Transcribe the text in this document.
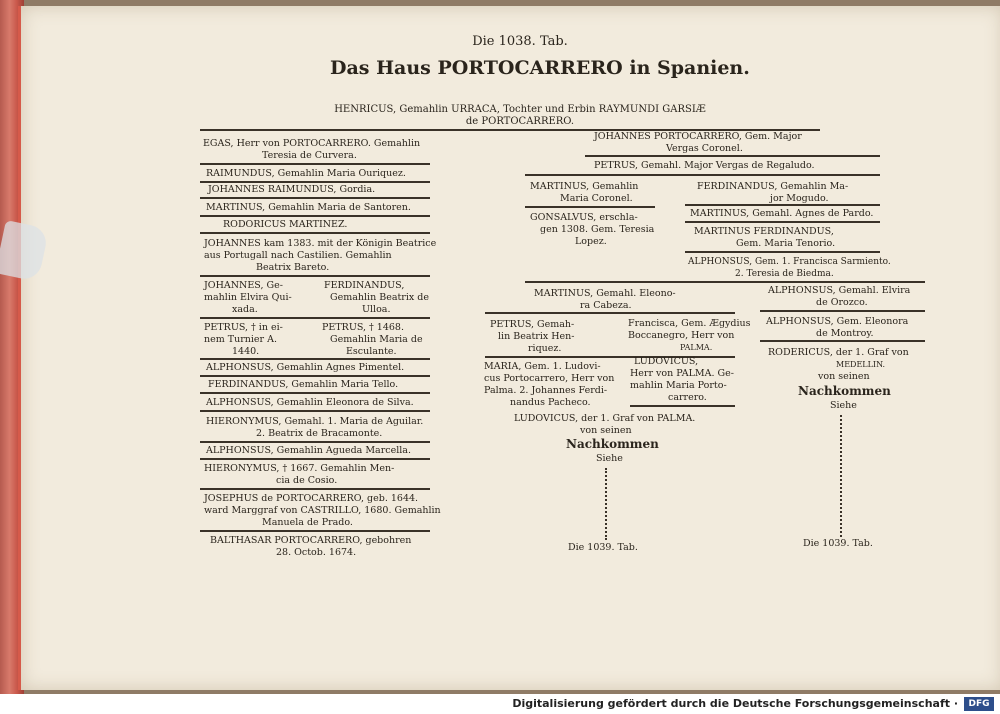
Die 1038. Tab.
Das Haus PORTOCARRERO in Spanien.
HENRICUS, Gemahlin URRACA, Tochter und Erbin RAYMUNDI GARSIÆ
de PORTOCARRERO.
EGAS, Herr von PORTOCARRERO. Gemahlin
Teresia de Curvera.
RAIMUNDUS, Gemahlin Maria Ouriquez.
JOHANNES RAIMUNDUS, Gordia.
MARTINUS, Gemahlin Maria de Santoren.
RODORICUS MARTINEZ.
JOHANNES kam 1383. mit der Königin Beatrice
aus Portugall nach Castilien. Gemahlin
Beatrix Bareto.
JOHANNES, Ge-
mahlin Elvira Qui-
xada.
FERDINANDUS,
Gemahlin Beatrix de
Ulloa.
PETRUS, † in ei-
nem Turnier A.
1440.
PETRUS, † 1468.
Gemahlin Maria de
Esculante.
ALPHONSUS, Gemahlin Agnes Pimentel.
FERDINANDUS, Gemahlin Maria Tello.
ALPHONSUS, Gemahlin Eleonora de Silva.
HIERONYMUS, Gemahl. 1. Maria de Aguilar.
2. Beatrix de Bracamonte.
ALPHONSUS, Gemahlin Agueda Marcella.
HIERONYMUS, † 1667. Gemahlin Men-
cia de Cosio.
JOSEPHUS de PORTOCARRERO, geb. 1644.
ward Marggraf von CASTRILLO, 1680. Gemahlin
Manuela de Prado.
BALTHASAR PORTOCARRERO, gebohren
28. Octob. 1674.
JOHANNES PORTOCARRERO, Gem. Major
Vergas Coronel.
PETRUS, Gemahl. Major Vergas de Regaludo.
MARTINUS, Gemahlin
Maria Coronel.
FERDINANDUS, Gemahlin Ma-
jor Mogudo.
GONSALVUS, erschla-
gen 1308. Gem. Teresia
Lopez.
MARTINUS, Gemahl. Agnes de Pardo.
MARTINUS FERDINANDUS,
Gem. Maria Tenorio.
ALPHONSUS, Gem. 1. Francisca Sarmiento.
2. Teresia de Biedma.
MARTINUS, Gemahl. Eleono-
ra Cabeza.
ALPHONSUS, Gemahl. Elvira
de Orozco.
PETRUS, Gemah-
lin Beatrix Hen-
riquez.
Francisca, Gem. Ægydius
Boccanegro, Herr von
PALMA.
ALPHONSUS, Gem. Eleonora
de Montroy.
MARIA, Gem. 1. Ludovi-
cus Portocarrero, Herr von
Palma. 2. Johannes Ferdi-
nandus Pacheco.
LUDOVICUS,
Herr von PALMA. Ge-
mahlin Maria Porto-
carrero.
RODERICUS, der 1. Graf von
MEDELLIN.
von seinen
Nachkommen
Siehe
LUDOVICUS, der 1. Graf von PALMA.
von seinen
Nachkommen
Siehe
Die 1039. Tab.	Die 1039. Tab.
Digitalisierung gefördert durch die Deutsche Forschungsgemeinschaft ·	DFG
